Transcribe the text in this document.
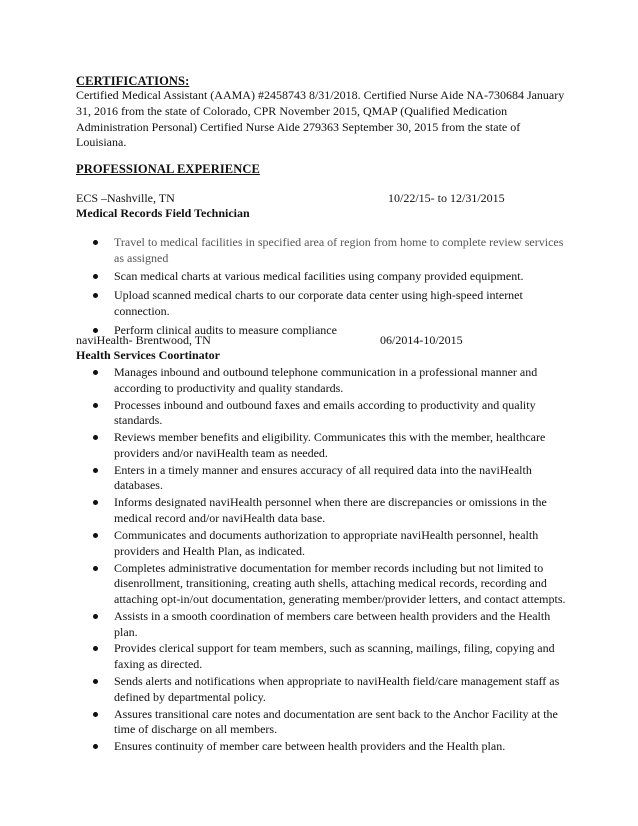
CERTIFICATIONS:
Certified Medical Assistant (AAMA) #2458743 8/31/2018. Certified Nurse Aide NA-730684 January 31, 2016 from the state of Colorado, CPR November 2015, QMAP (Qualified Medication Administration Personal) Certified Nurse Aide 279363 September 30, 2015 from the state of Louisiana.
PROFESSIONAL EXPERIENCE
ECS –Nashville, TN	10/22/15- to 12/31/2015
Medical Records Field Technician
Travel to medical facilities in specified area of region from home to complete review services as assigned
Scan medical charts at various medical facilities using company provided equipment.
Upload scanned medical charts to our corporate data center using high-speed internet connection.
Perform clinical audits to measure compliance
naviHealth- Brentwood, TN	06/2014-10/2015
Health Services Coortinator
Manages inbound and outbound telephone communication in a professional manner and according to productivity and quality standards.
Processes inbound and outbound faxes and emails according to productivity and quality standards.
Reviews member benefits and eligibility. Communicates this with the member, healthcare providers and/or naviHealth team as needed.
Enters in a timely manner and ensures accuracy of all required data into the naviHealth databases.
Informs designated naviHealth personnel when there are discrepancies or omissions in the medical record and/or naviHealth data base.
Communicates and documents authorization to appropriate naviHealth personnel, health providers and Health Plan, as indicated.
Completes administrative documentation for member records including but not limited to disenrollment, transitioning, creating auth shells, attaching medical records, recording and attaching opt-in/out documentation, generating member/provider letters, and contact attempts.
Assists in a smooth coordination of members care between health providers and the Health plan.
Provides clerical support for team members, such as scanning, mailings, filing, copying and faxing as directed.
Sends alerts and notifications when appropriate to naviHealth field/care management staff as defined by departmental policy.
Assures transitional care notes and documentation are sent back to the Anchor Facility at the time of discharge on all members.
Ensures continuity of member care between health providers and the Health plan.
